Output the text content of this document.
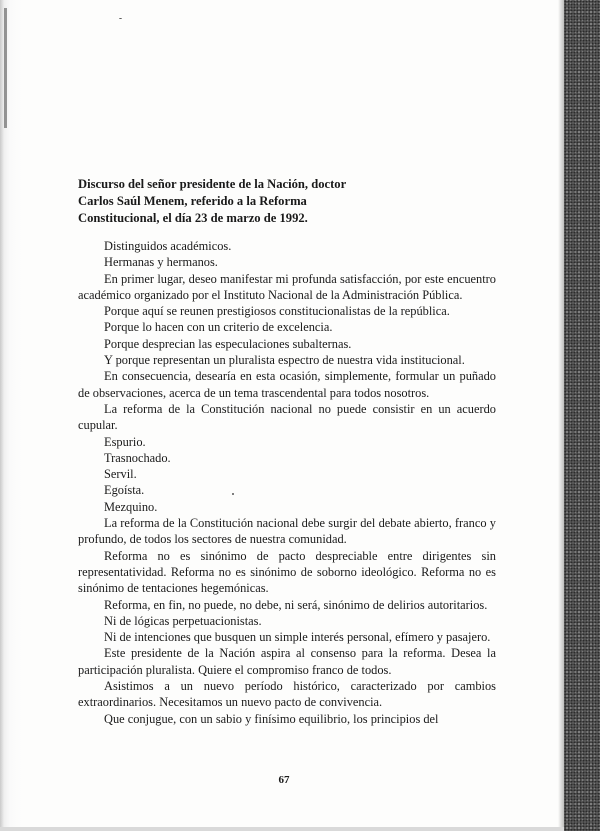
Discurso del señor presidente de la Nación, doctor
Carlos Saúl Menem, referido a la Reforma
Constitucional, el día 23 de marzo de 1992.

Distinguidos académicos.

Hermanas y hermanos.

En primer lugar, deseo manifestar mi profunda satisfacción, por este encuentro académico organizado por el Instituto Nacional de la Administración Pública.

Porque aquí se reunen prestigiosos constitucionalistas de la república.

Porque lo hacen con un criterio de excelencia.

Porque desprecian las especulaciones subalternas.

Y porque representan un pluralista espectro de nuestra vida institucional.

En consecuencia, desearía en esta ocasión, simplemente, formular un puñado de observaciones, acerca de un tema trascendental para todos nosotros.

La reforma de la Constitución nacional no puede consistir en un acuerdo cupular.

Espurio.

Trasnochado.

Servil.

Egoísta.

Mezquino.

La reforma de la Constitución nacional debe surgir del debate abierto, franco y profundo, de todos los sectores de nuestra comunidad.

Reforma no es sinónimo de pacto despreciable entre dirigentes sin representatividad. Reforma no es sinónimo de soborno ideológico. Reforma no es sinónimo de tentaciones hegemónicas.

Reforma, en fin, no puede, no debe, ni será, sinónimo de delirios autoritarios.

Ni de lógicas perpetuacionistas.

Ni de intenciones que busquen un simple interés personal, efímero y pasajero.

Este presidente de la Nación aspira al consenso para la reforma. Desea la participación pluralista. Quiere el compromiso franco de todos.

Asistimos a un nuevo período histórico, caracterizado por cambios extraordinarios. Necesitamos un nuevo pacto de convivencia.

Que conjugue, con un sabio y finísimo equilibrio, los principios del

67
